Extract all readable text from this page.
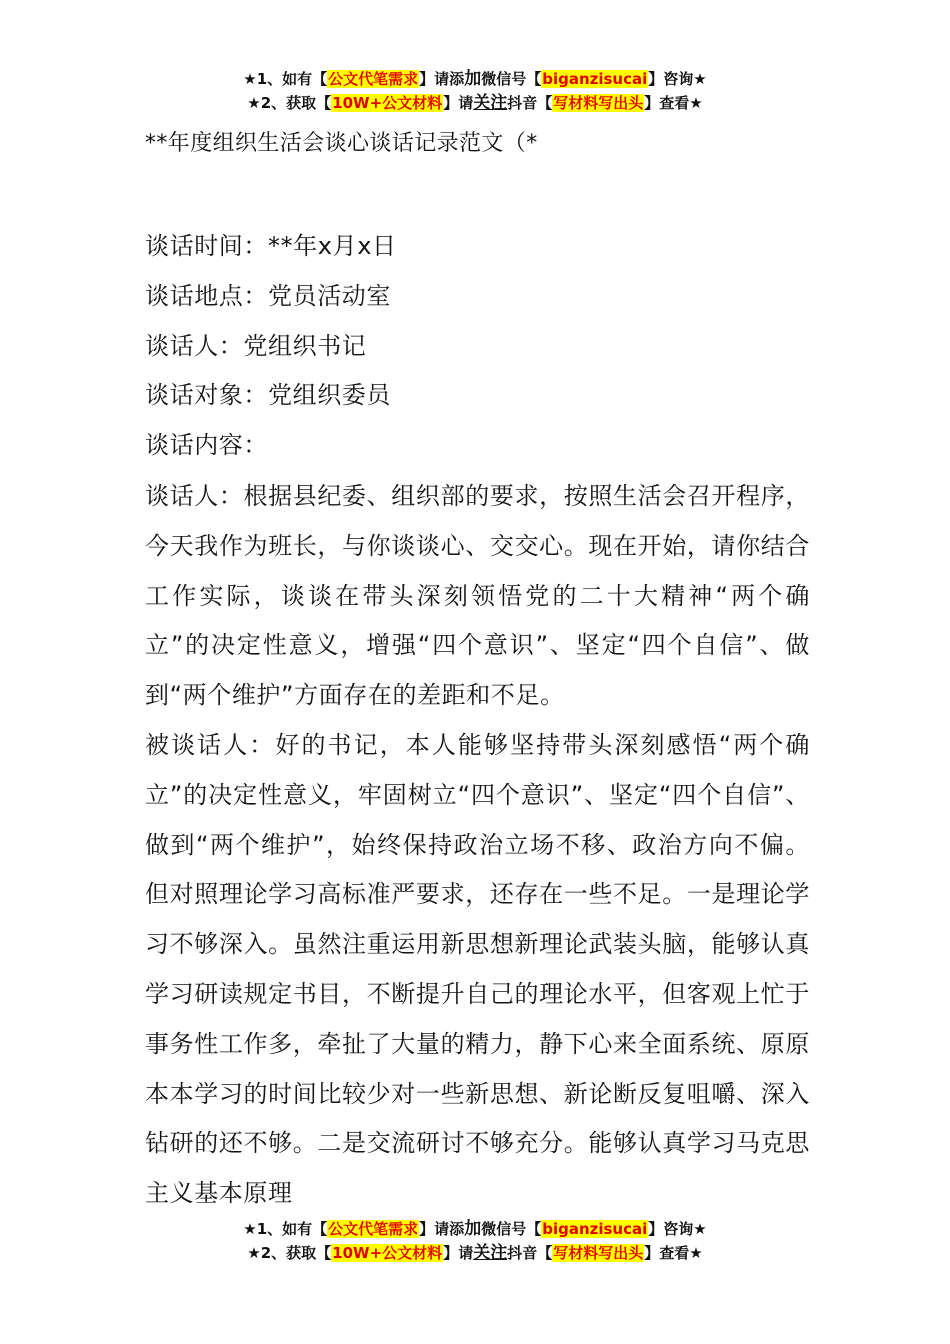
★1、如有【公文代笔需求】请添加微信号【biganzisucai】咨询★
★2、获取【10W+公文材料】请关注抖音【写材料写出头】查看★
**年度组织生活会谈心谈话记录范文（*

谈话时间：**年x月x日

谈话地点：党员活动室

谈话人：党组织书记

谈话对象：党组织委员

谈话内容：

谈话人：根据县纪委、组织部的要求，按照生活会召开程序，今天我作为班长，与你谈谈心、交交心。现在开始，请你结合工作实际，谈谈在带头深刻领悟党的二十大精神“两个确立”的决定性意义，增强“四个意识”、坚定“四个自信”、做到“两个维护”方面存在的差距和不足。

被谈话人：好的书记，本人能够坚持带头深刻感悟“两个确立”的决定性意义，牢固树立“四个意识”、坚定“四个自信”、做到“两个维护”，始终保持政治立场不移、政治方向不偏。但对照理论学习高标准严要求，还存在一些不足。一是理论学习不够深入。虽然注重运用新思想新理论武装头脑，能够认真学习研读规定书目，不断提升自己的理论水平，但客观上忙于事务性工作多，牵扯了大量的精力，静下心来全面系统、原原本本学习的时间比较少对一些新思想、新论断反复咀嚼、深入钻研的还不够。二是交流研讨不够充分。能够认真学习马克思主义基本原理

★1、如有【公文代笔需求】请添加微信号【biganzisucai】咨询★
★2、获取【10W+公文材料】请关注抖音【写材料写出头】查看★
